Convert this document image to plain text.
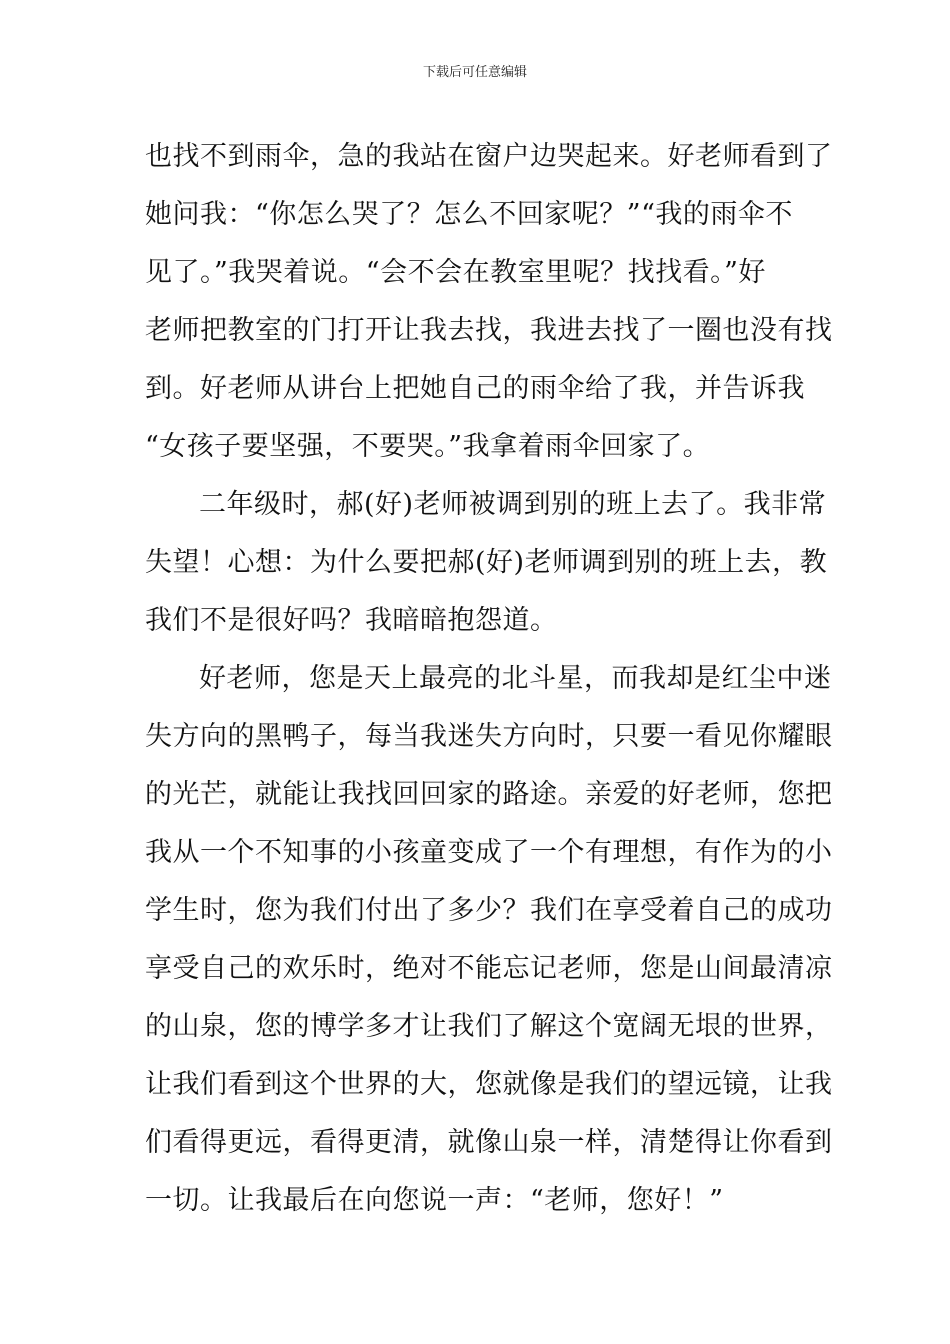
下载后可任意编辑
也找不到雨伞，急的我站在窗户边哭起来。好老师看到了
她问我：“你怎么哭了？怎么不回家呢？”“我的雨伞不
见了。”我哭着说。“会不会在教室里呢？找找看。”好
老师把教室的门打开让我去找，我进去找了一圈也没有找
到。好老师从讲台上把她自己的雨伞给了我，并告诉我
“女孩子要坚强，不要哭。”我拿着雨伞回家了。
二年级时，郝(好)老师被调到别的班上去了。我非常
失望！心想：为什么要把郝(好)老师调到别的班上去，教
我们不是很好吗？我暗暗抱怨道。
好老师，您是天上最亮的北斗星，而我却是红尘中迷
失方向的黑鸭子，每当我迷失方向时，只要一看见你耀眼
的光芒，就能让我找回回家的路途。亲爱的好老师，您把
我从一个不知事的小孩童变成了一个有理想，有作为的小
学生时，您为我们付出了多少？我们在享受着自己的成功
享受自己的欢乐时，绝对不能忘记老师，您是山间最清凉
的山泉，您的博学多才让我们了解这个宽阔无垠的世界，
让我们看到这个世界的大，您就像是我们的望远镜，让我
们看得更远，看得更清，就像山泉一样，清楚得让你看到
一切。让我最后在向您说一声：“老师，您好！”
